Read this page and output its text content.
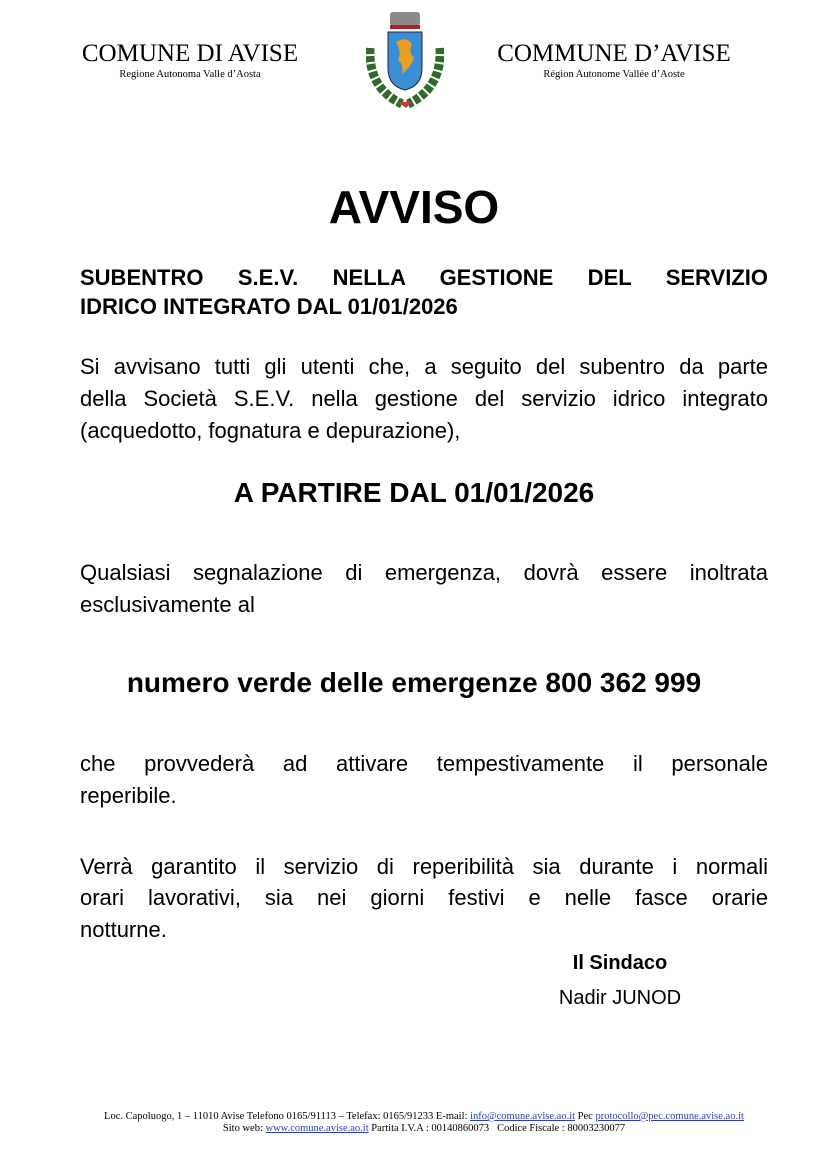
COMUNE DI AVISE
Regione Autonoma Valle d’Aosta
COMMUNE D’AVISE
Région Autonome Vallée d’Aoste
AVVISO
SUBENTRO S.E.V. NELLA GESTIONE DEL SERVIZIO
IDRICO INTEGRATO DAL 01/01/2026
Si avvisano tutti gli utenti che, a seguito del subentro da parte
della Società S.E.V. nella gestione del servizio idrico integrato
(acquedotto, fognatura e depurazione),
A PARTIRE DAL 01/01/2026
Qualsiasi segnalazione di emergenza, dovrà essere inoltrata
esclusivamente al
numero verde delle emergenze 800 362 999
che provvederà ad attivare tempestivamente il personale
reperibile.
Verrà garantito il servizio di reperibilità sia durante i normali
orari lavorativi, sia nei giorni festivi e nelle fasce orarie
notturne.
Il Sindaco
Nadir JUNOD
Loc. Capoluogo, 1 – 11010 Avise Telefono 0165/91113 – Telefax: 0165/91233 E-mail: info@comune.avise.ao.it Pec protocollo@pec.comune.avise.ao.it
Sito web: www.comune.avise.ao.it Partita I.V.A : 00140860073 Codice Fiscale : 80003230077
